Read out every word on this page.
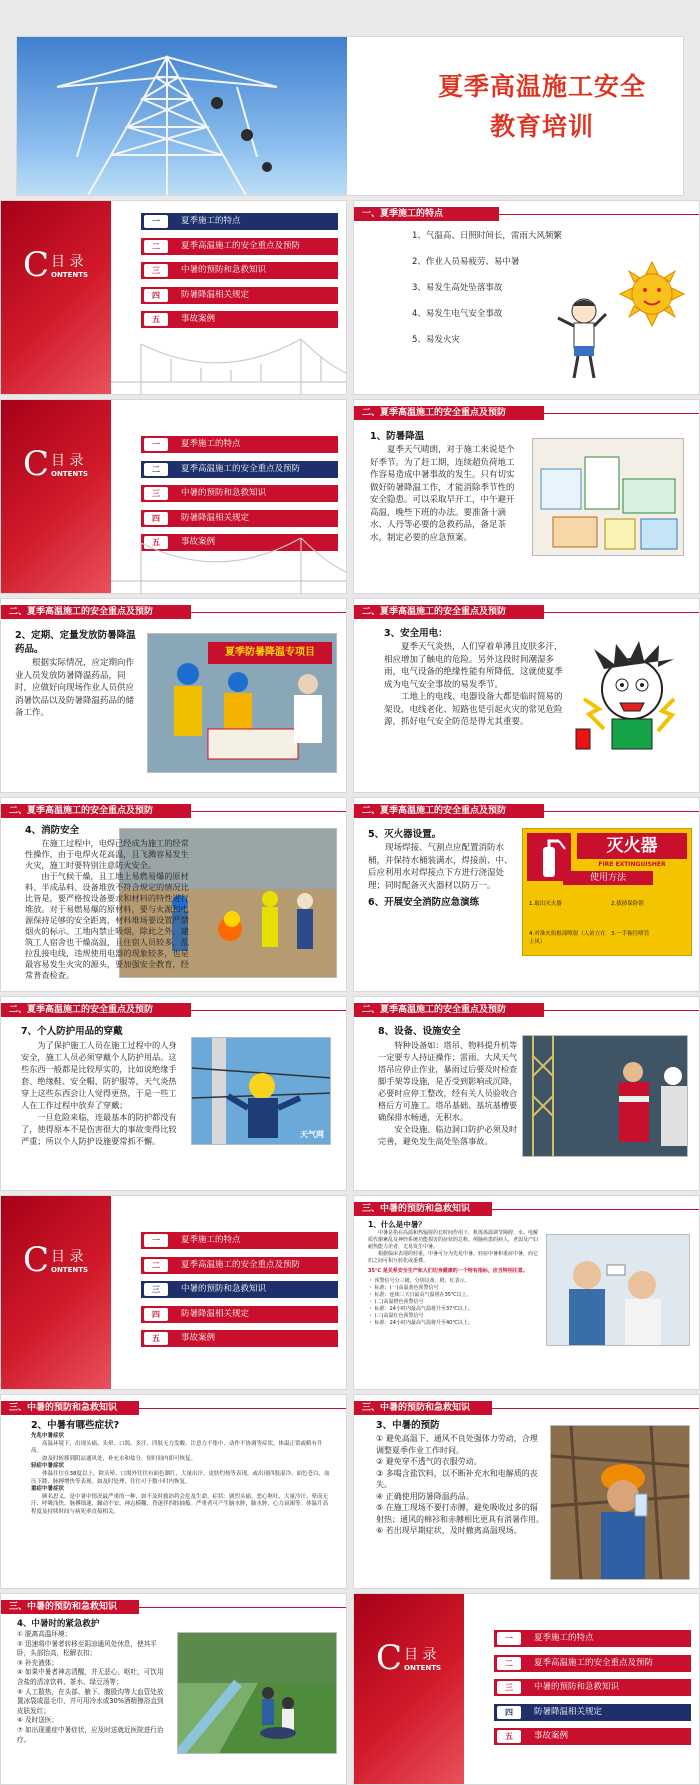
夏季高温施工安全
教育培训
C 目 录
ONTENTS
一	夏季施工的特点
二	夏季高温施工的安全重点及预防
三	中暑的预防和急救知识
四	防暑降温相关规定
五	事故案例
一、夏季施工的特点
1、气温高、日照时间长，雷雨大风频繁
2、作业人员易疲劳、易中暑
3、易发生高处坠落事故
4、易发生电气安全事故
5、易发火灾
C 目 录
ONTENTS
一	夏季施工的特点
二	夏季高温施工的安全重点及预防
三	中暑的预防和急救知识
四	防暑降温相关规定
五	事故案例
二、夏季高温施工的安全重点及预防
1、防暑降温
夏季天气晴朗，对于施工来说是个好季节。为了赶工期，连续超负荷地工作容易造成中暑事故的发生。只有切实做好防暑降温工作，才能消除季节性的安全隐患。可以采取早开工，中午避开高温，晚些下班的办法。要准备十滴水、人丹等必要的急救药品，备足茶水，制定必要的应急预案。
二、夏季高温施工的安全重点及预防
2、定期、定量发放防暑降温药品。
根据实际情况，应定期向作业人员发放防暑降温药品，同时，应做好向现场作业人员供应消暑饮品以及防暑降温药品的储备工作。
夏季防暑降温专项目
二、夏季高温施工的安全重点及预防
3、安全用电：
夏季天气炎热，人们穿着单薄且皮肤多汗，相应增加了触电的危险。另外这段时间潮湿多雨，电气设备的绝缘性能有所降低，这就使夏季成为电气安全事故的易发季节。
工地上的电线、电器设备大都是临时简易的架设，电线老化、短路也是引起火灾的常见危险源，抓好电气安全防范是得尤其重要。
二、夏季高温施工的安全重点及预防
4、消防安全
在施工过程中，电焊已经成为施工的经常性操作，由于电焊火花高温，且飞溅容易发生火灾，施工时要特别注意防火安全。
由于气候干燥，且工地上易燃易爆的原材料、半成品料、设备堆放不符合规定的情况比比皆是，要严格按设备要求和材料的特性进行堆放。对于易燃易爆的原材料，要与火源和电源保持足够的安全距离，材料堆场要设置严禁烟火的标示。工地内禁止吸烟，除此之外，建筑工人宿舍也干燥高温，且住宿人员较多，乱拉乱接电线，违规使用电器的现象较多，也是最容易发生火灾的源头，要加强安全教育，经常普查检查。
二、夏季高温施工的安全重点及预防
5、灭火器设置。
现场焊接、气割点应配置消防水桶，并保持水桶装满水，焊接前、中、后应利用水对焊接点下方进行浇湿处理；同时配备灭火器材以防万一。
6、开展安全消防应急演练
灭火器
FIRE EXTINGUISHER
使用方法
1.取出灭火器	2.拔掉保险销
3.一手握住喷管
4.对准火焰根部喷射（人站立在上风）
二、夏季高温施工的安全重点及预防
7、个人防护用品的穿戴
为了保护施工人员在施工过程中的人身安全，施工人员必须穿戴个人防护用品。这些东西一般都是比较厚实的，比如说绝缘手套、绝缘鞋、安全帽、防护服等，天气炎热穿上这些东西会让人觉得更热，于是一些工人在工作过程中放弃了穿戴；
一旦危险来临，连最基本的防护都没有了，使得原本不是伤害很大的事故变得比较严重；所以个人防护设施要常抓不懈。
天气网
二、夏季高温施工的安全重点及预防
8、设备、设施安全
特种设备如：塔吊、物料提升机等一定要专人持证操作；雷雨、大风天气塔吊应停止作业，暴雨过后要及时检查脚手架等设施，是否受到影响或沉降，必要时应停工整改，经有关人员验收合格后方可施工。塔吊基础、基坑基槽要确保排水畅通，无积水。
安全设施、临边洞口防护必须及时完善，避免发生高处坠落事故。
C 目 录
ONTENTS
一	夏季施工的特点
二	夏季高温施工的安全重点及预防
三	中暑的预防和急救知识
四	防暑降温相关规定
五	事故案例
三、中暑的预防和急救知识
1、什么是中暑？
中暑是指在高温和热辐射的长时间作用下，机体体温调节障碍，水、电解质代谢紊乱及神经系统功能损害的症状的总称。颅脑疾患的病人，老弱及产妇耐热能力差者，尤易发生中暑。
根据临床表现的轻重，中暑可分为先兆中暑、轻症中暑和重症中暑，而它们之间可相互转化或重叠。
35℃ 是关系安全生产和人们切身健康的一个特有指标，应当特别注意。
・ 预警信号分三级，分别以黄、橙、红表示。
・ 标准：(一)高温黄色预警信号
・ 标准：连续三天日最高气温将在35℃以上。
・ (二)高温橙色预警信号
・ 标准：24小时内最高气温将升至37℃以上。
・ (三)高温红色预警信号
・ 标准：24小时内最高气温将升至40℃以上。
三、中暑的预防和急救知识
2、中暑有哪些症状?
先兆中暑症状
高温环境下，出现头痛、头晕、口渴、多汗、四肢无力发酸、注意力不集中、动作不协调等症状。体温正常或略有升高。
如及时转移到阴凉通风处，补充水和盐分，短时间内即可恢复。
轻症中暑症状
体温往往在38度以上。除头晕、口渴外往往有面色潮红、大量出汗、皮肤灼热等表现，或出现四肢湿冷、面色苍白、血压下降、脉搏增快等表现。如及时处理，往往可于数小时内恢复。
重症中暑症状
顾名思义，是中暑中情况最严重的一种，如不及时救治将会危及生命。症状：剧烈头痛、恶心呕吐、大量冷汗、晕而无汗、呼吸浅快、脉搏细速、躁动不安、神志模糊、昏迷伴四肢抽搐。严重者可产生脑水肿、肺水肿、心力衰竭等。体温升高程度及持续时间与病死率直接相关。
三、中暑的预防和急救知识
3、中暑的预防
① 避免高温下、通风不良处强体力劳动，合理调整夏季作业工作时间。
② 避免穿不透气的衣服劳动。
③ 多喝含盐饮料，以不断补充水和电解质的丧失。
④ 正确使用防暑降温药品。
⑤ 在施工现场不要打赤膊，避免吸收过多的辐射热；通风的棉衫和赤膊相比更具有消暑作用。
⑥ 若出现早期症状，及时撤离高温现场。
三、中暑的预防和急救知识
4、中暑时的紧急救护
① 脱离高温环境；
② 迅速将中暑者转移至阴凉通风处休息，使其平卧，头部抬高，松解衣扣；
③ 补充液体；
④ 如果中暑者神志清醒，并无恶心、呕吐，可饮用含盐的清凉饮料、茶水、绿豆汤等；
⑤ 人工散热，在头部、腋下、腹股沟等大血管处放置冰袋或湿毛巾，并可用冷水或30%酒精擦浴直到皮肤发红；
⑥ 及时送医；
⑦ 如出现重症中暑症状，应及时送就近医院进行治疗。
C 目 录
ONTENTS
一	夏季施工的特点
二	夏季高温施工的安全重点及预防
三	中暑的预防和急救知识
四	防暑降温相关规定
五	事故案例
